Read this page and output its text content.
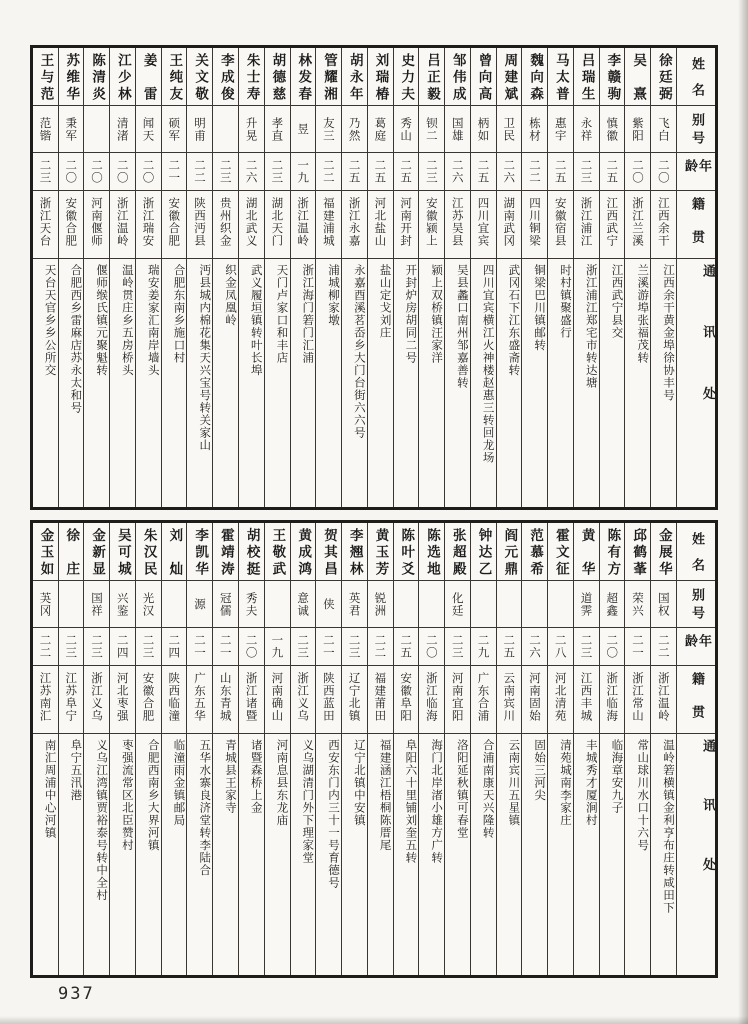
姓名
别号
年龄
籍贯
通讯处
徐廷弼
飞白
二〇
江西余干
江西余干黄金埠徐协丰号
吴熹
紫阳
二〇
浙江兰溪
兰溪游埠张福茂转
李赣驹
慎徽
二五
江西武宁
江西武宁县交
吕瑞生
永祥
二三
浙江浦江
浙江浦江郑宅市转达塘
马太普
惠宇
二五
安徽宿县
时村镇聚盛行
魏向森
栋材
二二
四川铜梁
铜梁巴川镇邮转
周建斌
卫民
二六
湖南武冈
武冈石下江东盛斋转
曾向高
柄如
二五
四川宜宾
四川宜宾横江火神楼赵惠三转回龙场
邹伟成
国雄
二六
江苏吴县
吴县蠡口南州邹嘉善转
吕正毅
钡二
二三
安徽颍上
颍上双桥镇汪家洋
史力夫
秀山
二五
河南开封
开封炉房胡同二号
刘瑞椿
葛庭
二五
河北盐山
盐山定戈刘庄
胡永年
乃然
二五
浙江永嘉
永嘉酉溪茗岙乡大门台街六六号
管耀湘
友三
二二
福建浦城
浦城柳家墩
林发春
昱
一九
浙江温岭
浙江海门箬门汇浦
胡德慈
孝直
二三
湖北天门
天门卢家口和丰店
朱士寿
升晃
二六
湖北武义
武义履垣镇转叶长埠
李成俊
二三
贵州织金
织金凤凰岭
关文敬
明甫
二二
陕西沔县
沔县城内棉花集天兴宝号转关家山
王纯友
硕军
二一
安徽合肥
合肥东南乡施口村
姜雷
闻天
二〇
浙江瑞安
瑞安姜家汇南岸墙头
江少林
清渚
二〇
浙江温岭
温岭贯庄乡五房桥头
陈清炎
二〇
河南偃师
偃师缑氏镇元聚魁转
苏维华
秉军
二〇
安徽合肥
合肥西乡雷麻店苏永太和号
王与范
范锴
二三
浙江天台
天台天官乡乡公所交
姓名
别号
年龄
籍贯
通讯处
金展华
国权
二二
浙江温岭
温岭箬横镇金利亨布庄转咸田下
邱鹤莑
荣兴
二一
浙江常山
常山球川水口十六号
陈有方
超鑫
二〇
浙江临海
临海章安九子
黄华
道霁
二三
江西丰城
丰城秀才厦涧村
霍文征
二八
河北清苑
清苑城南李家庄
范慕希
二六
河南固始
固始三河尖
阎元鼎
二五
云南宾川
云南宾川五星镇
钟达乙
二九
广东合浦
合浦南康天兴隆转
张超殿
化廷
二三
河南宜阳
洛阳延秋镇可春堂
陈选地
二〇
浙江临海
海门北岸渚小雄方广转
陈叶爻
二五
安徽阜阳
阜阳六十里铺刘奎五转
黄玉芳
锐洲
二二
福建莆田
福建涵江梧桐陈厝尾
李翘林
英君
二三
辽宁北镇
辽宁北镇中安镇
贺其昌
侠
二一
陕西蓝田
西安东门内三十一号育德号
黄成鸿
意诚
二三
浙江义乌
义乌湖清门外下理家堂
王敬武
一九
河南确山
河南息县东龙庙
胡校挺
秀夫
二〇
浙江诸暨
诸暨森桥上金
霍靖涛
冠儒
二一
山东青城
青城县王家寺
李凯华
源
二一
广东五华
五华水寨良济堂转李陆合
刘灿
二四
陕西临潼
临潼雨金镇邮局
朱汉民
光汉
二三
安徽合肥
合肥西南乡大界河镇
吴可城
兴鉴
二四
河北枣强
枣强流常区北臣赞村
金新显
国祥
二三
浙江义乌
义乌江湾镇贾裕泰号转中全村
徐庄
二三
江苏阜宁
阜宁五汛港
金玉如
芵冈
二二
江苏南汇
南汇周浦中心河镇
937
